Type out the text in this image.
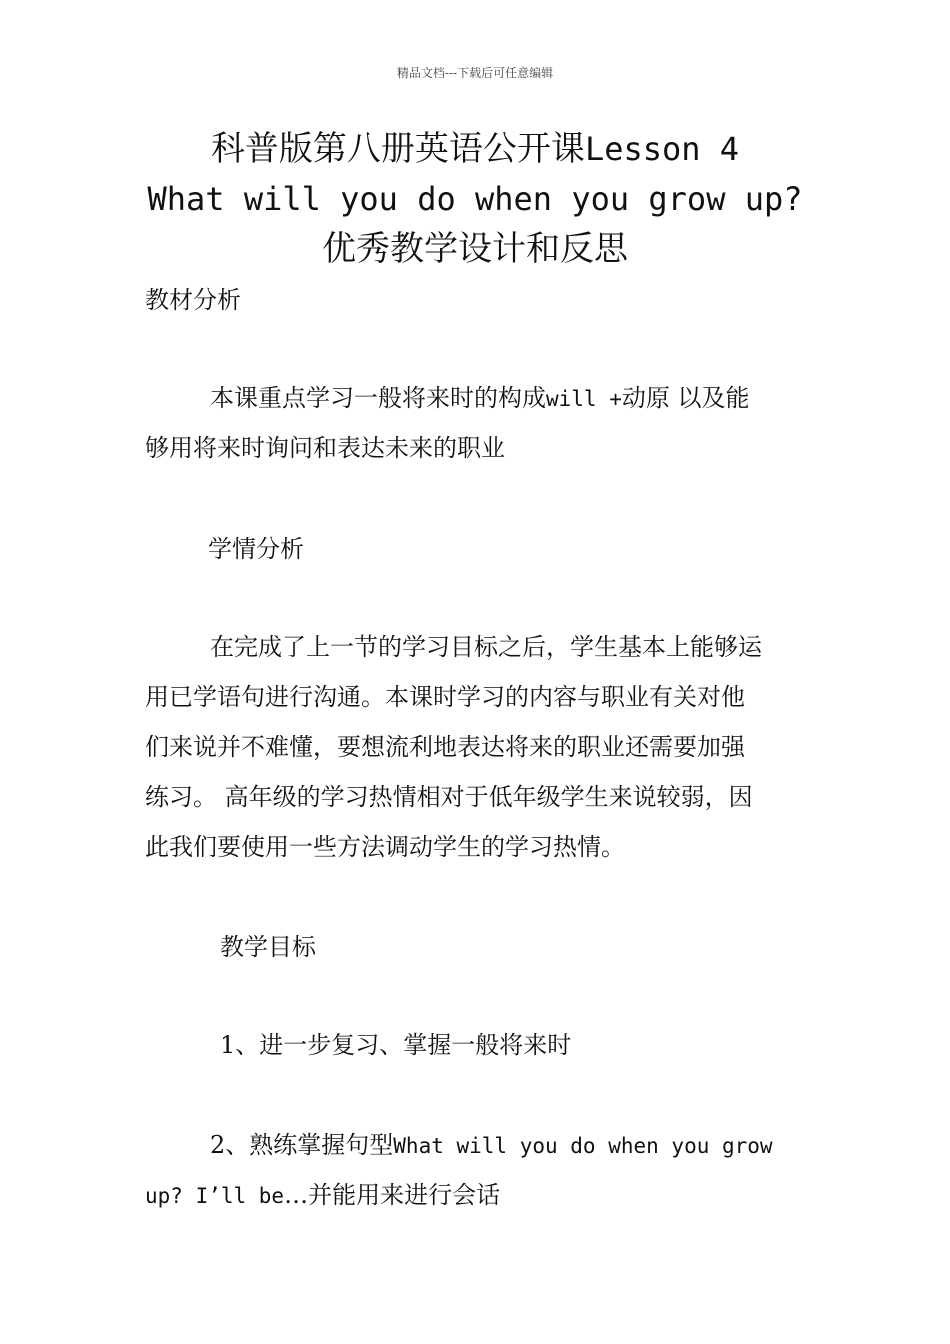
精品文档---下载后可任意编辑
科普版第八册英语公开课Lesson 4
What will you do when you grow up?
优秀教学设计和反思
教材分析
本课重点学习一般将来时的构成will +动原 以及能
够用将来时询问和表达未来的职业
学情分析
在完成了上一节的学习目标之后，学生基本上能够运
用已学语句进行沟通。本课时学习的内容与职业有关对他
们来说并不难懂，要想流利地表达将来的职业还需要加强
练习。 高年级的学习热情相对于低年级学生来说较弱，因
此我们要使用一些方法调动学生的学习热情。
教学目标
1、进一步复习、掌握一般将来时
2、熟练掌握句型What will you do when you grow
up? I’ll be…并能用来进行会话
